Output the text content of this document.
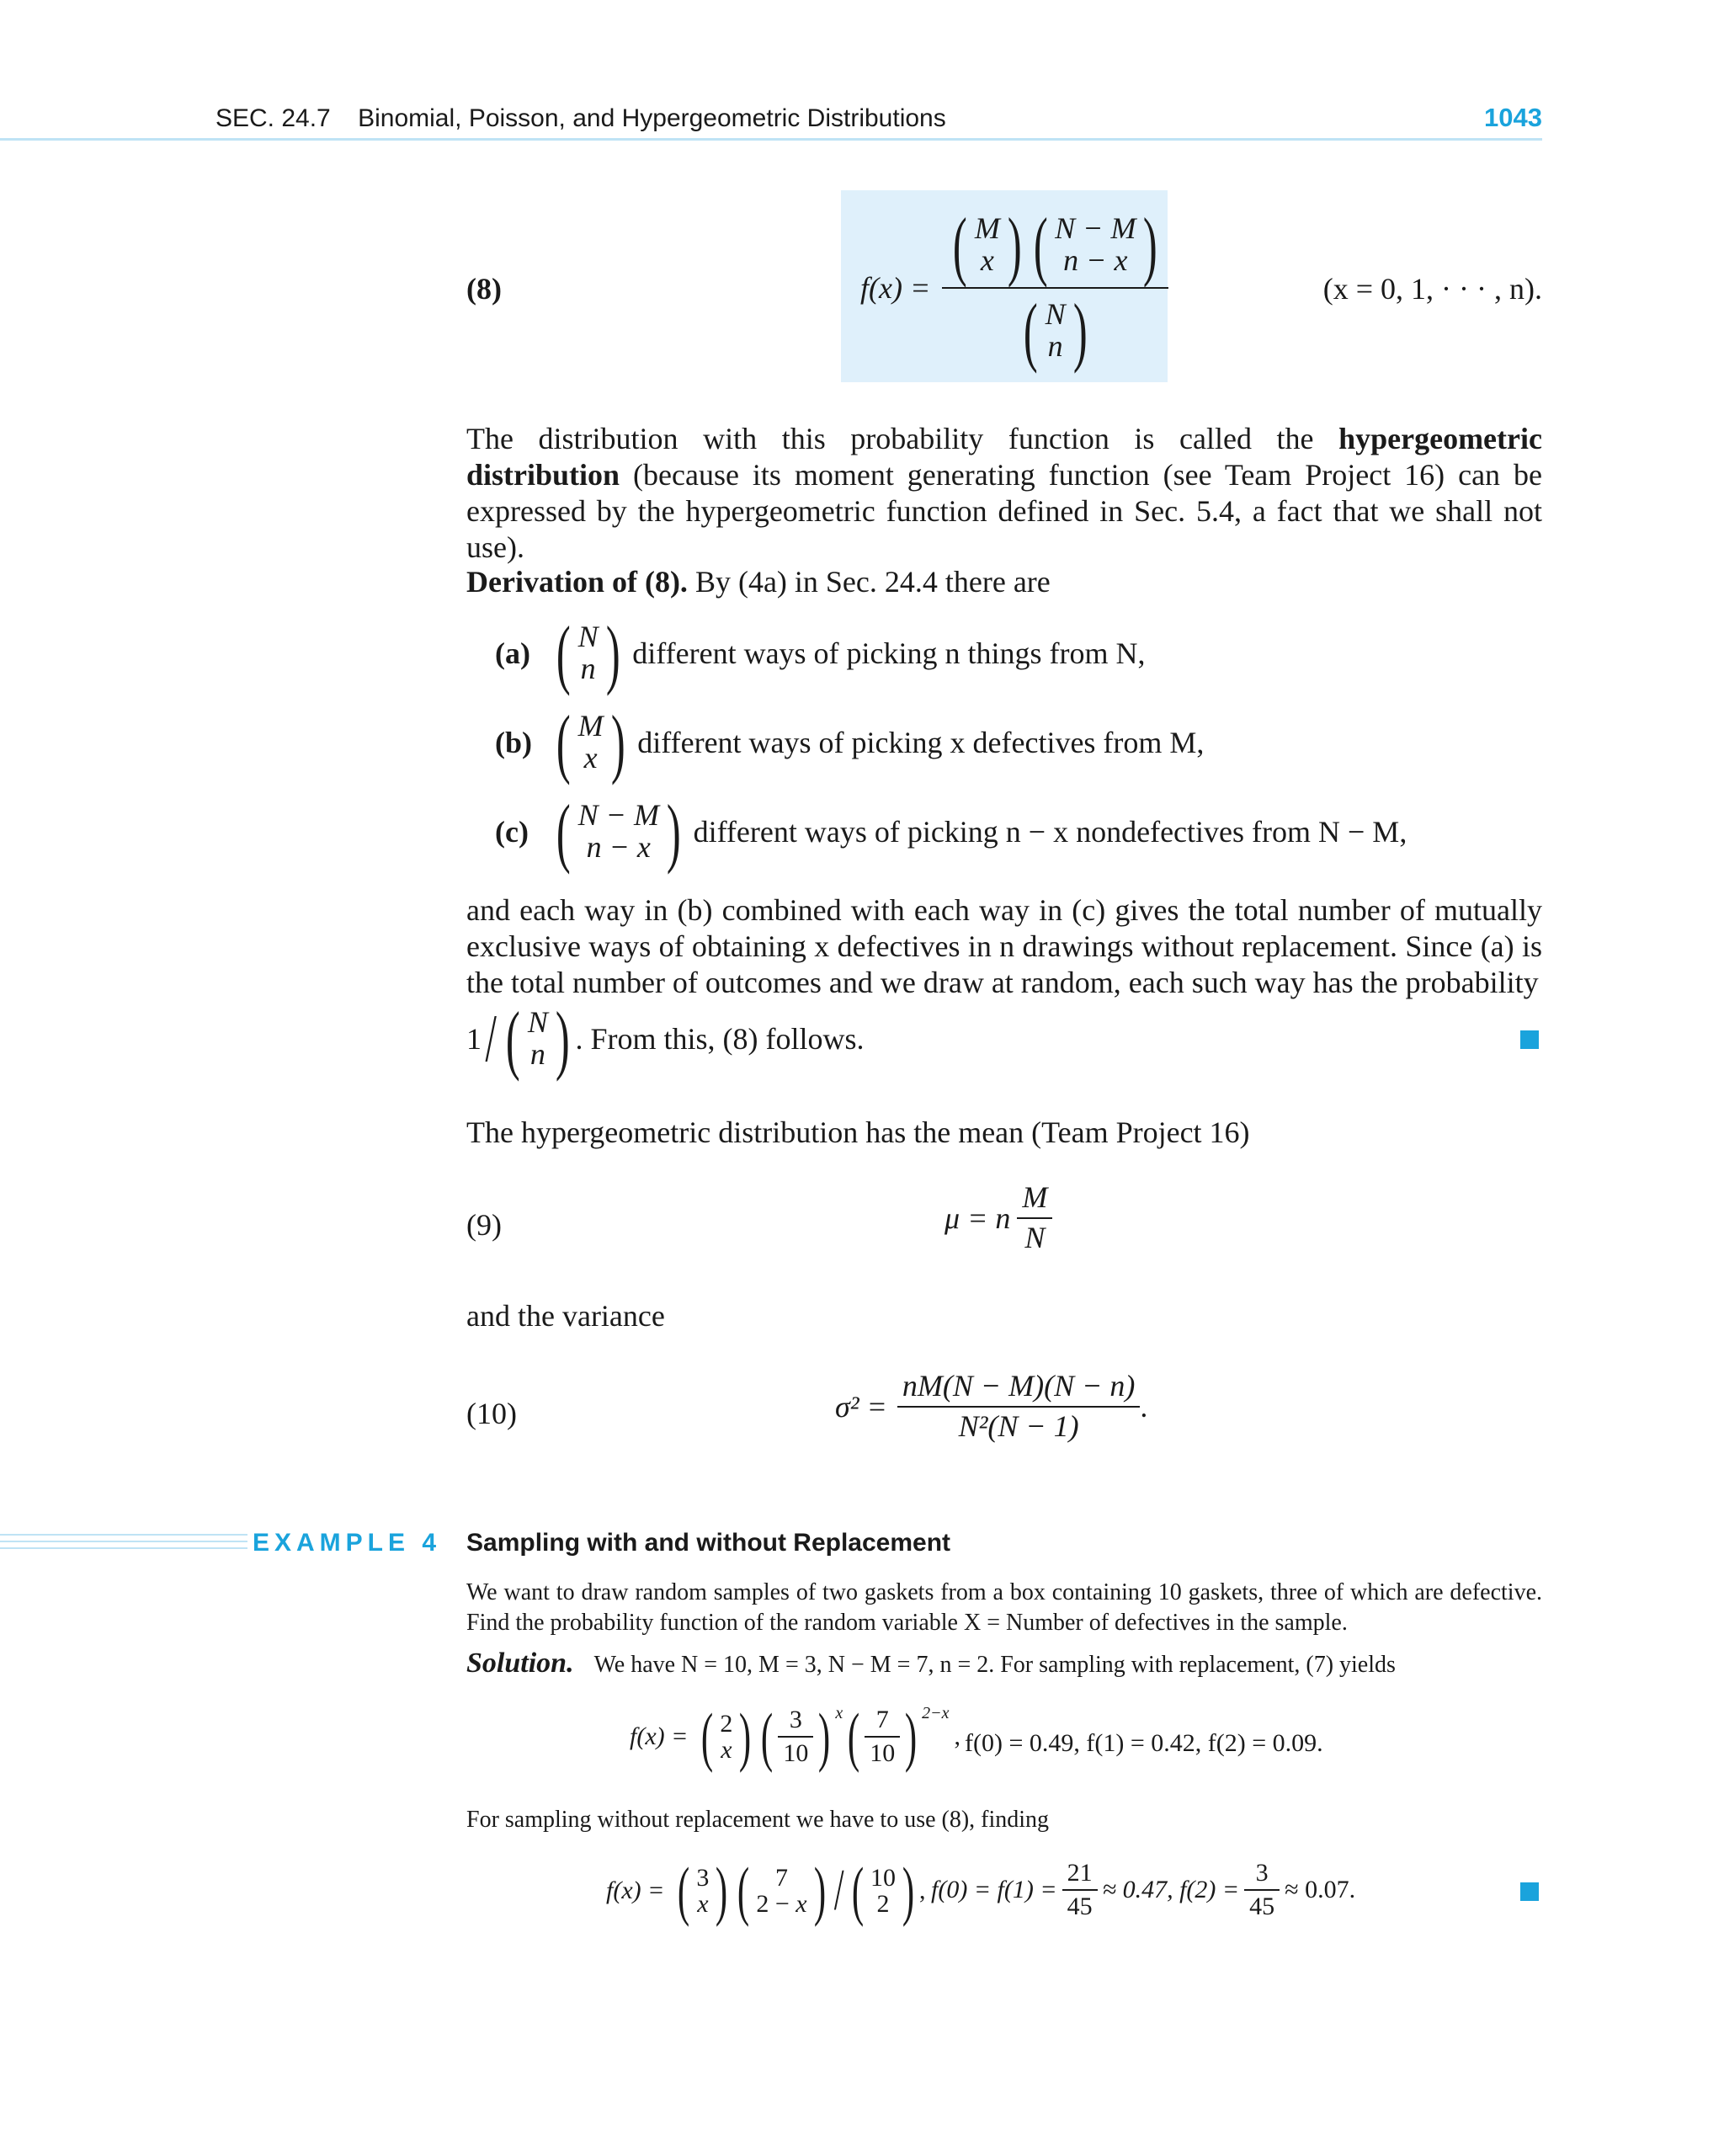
SEC. 24.7 Binomial, Poisson, and Hypergeometric Distributions	1043
(8)	f(x) = ( M
x ) ( N − M
n − x )
( N
n )	(x = 0, 1, · · · , n).
The distribution with this probability function is called the hypergeometric distribution (because its moment generating function (see Team Project 16) can be expressed by the hypergeometric function defined in Sec. 5.4, a fact that we shall not use).
Derivation of (8). By (4a) in Sec. 24.4 there are
(a) ( N
n ) different ways of picking n things from N,
(b) ( M
x ) different ways of picking x defectives from M,
(c) ( N − M
n − x ) different ways of picking n − x nondefectives from N − M,
and each way in (b) combined with each way in (c) gives the total number of mutually exclusive ways of obtaining x defectives in n drawings without replacement. Since (a) is the total number of outcomes and we draw at random, each such way has the probability
1 / ( N
n ) . From this, (8) follows.
The hypergeometric distribution has the mean (Team Project 16)
(9)	μ = n $\frac{M}{N}$
and the variance
(10)	$\sigma^2 = \frac{nM(N - M)(N - n)}{\text{N²(N − 1)}}$ .
EXAMPLE 4 Sampling with and without Replacement
We want to draw random samples of two gaskets from a box containing 10 gaskets, three of which are defective. Find the probability function of the random variable X = Number of defectives in the sample.
Solution. We have N = 10, M = 3, N − M = 7, n = 2. For sampling with replacement, (7) yields
f(x) = ( 2
x ) ( $\frac{3}{10}$ ) x ( $\frac{7}{10}$ ) 2−x
, f(0) = 0.49, f(1) = 0.42, f(2) = 0.09.
For sampling without replacement we have to use (8), finding
f(x) = ( 3
x ) ( 7
2 − x ) / ( 10
2 ) , $f(0) = f(1) = \frac{21}{45} \approx 0.47$, $f(2) = \frac{3}{45} \approx 0.07$.
